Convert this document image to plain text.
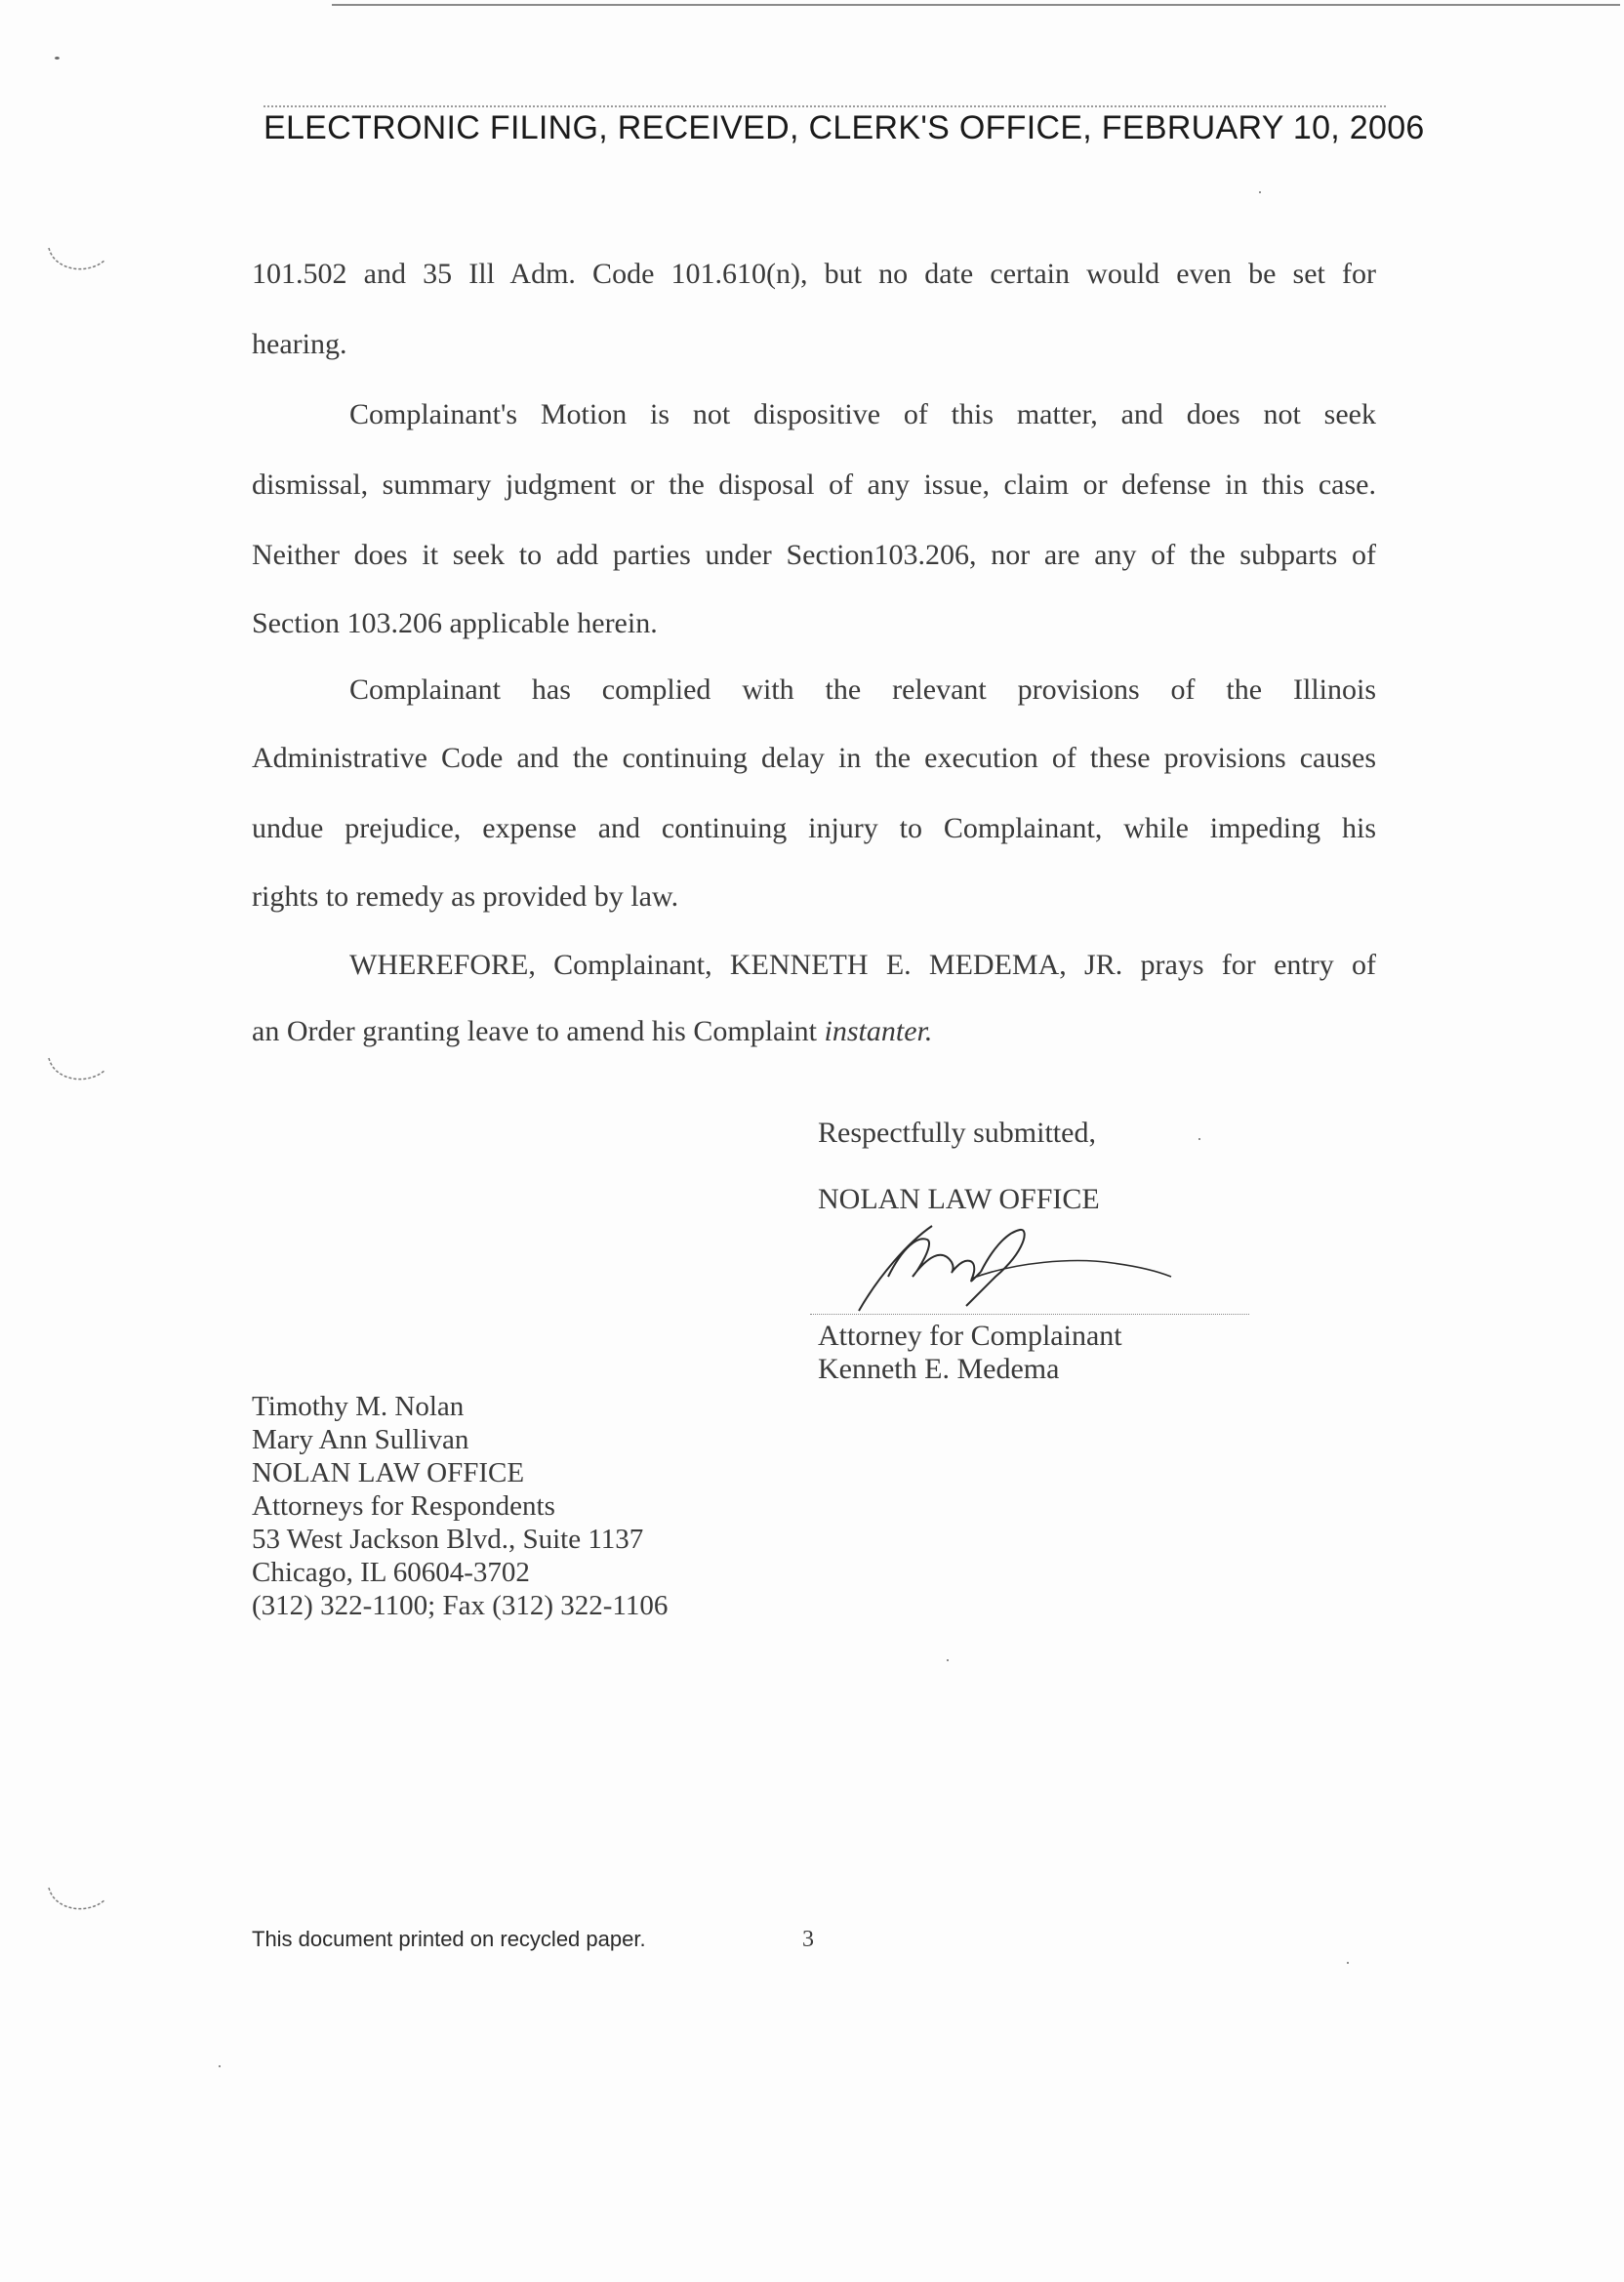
ELECTRONIC FILING, RECEIVED, CLERK'S OFFICE, FEBRUARY 10, 2006
101.502 and 35 Ill Adm. Code 101.610(n), but no date certain would even be set for
hearing.
Complainant's Motion is not dispositive of this matter, and does not seek
dismissal, summary judgment or the disposal of any issue, claim or defense in this case.
Neither does it seek to add parties under Section103.206, nor are any of the subparts of
Section 103.206 applicable herein.
Complainant has complied with the relevant provisions of the Illinois
Administrative Code and the continuing delay in the execution of these provisions causes
undue prejudice, expense and continuing injury to Complainant, while impeding his
rights to remedy as provided by law.
WHEREFORE, Complainant, KENNETH E. MEDEMA, JR. prays for entry of
an Order granting leave to amend his Complaint instanter.
Respectfully submitted,
NOLAN LAW OFFICE
Attorney for Complainant
Kenneth E. Medema
Timothy M. Nolan
Mary Ann Sullivan
NOLAN LAW OFFICE
Attorneys for Respondents
53 West Jackson Blvd., Suite 1137
Chicago, IL 60604-3702
(312) 322-1100; Fax (312) 322-1106
This document printed on recycled paper.	3
